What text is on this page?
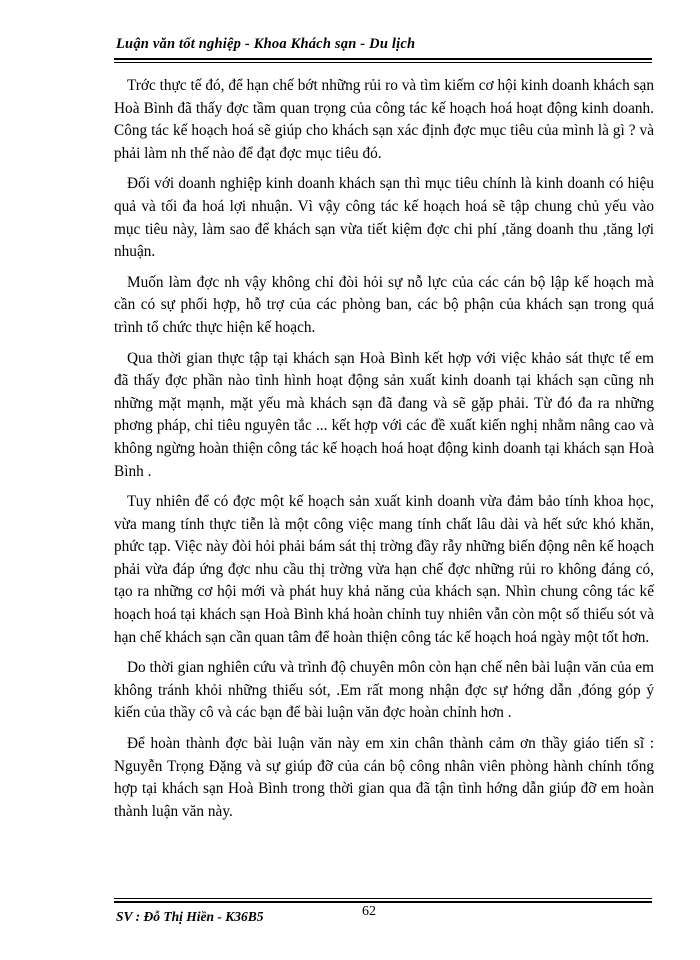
Luận văn tốt nghiệp - Khoa Khách sạn - Du lịch

Trớc thực tế đó, để hạn chế bớt những rủi ro và tìm kiếm cơ hội kinh doanh khách sạn Hoà Bình đã thấy đợc tầm quan trọng của công tác kế hoạch hoá hoạt động kinh doanh. Công tác kế hoạch hoá sẽ giúp cho khách sạn xác định đợc mục tiêu của mình là gì ? và phải làm nh thế nào để đạt đợc mục tiêu đó.

Đối với doanh nghiệp kinh doanh khách sạn thì mục tiêu chính là kinh doanh có hiệu quả và tối đa hoá lợi nhuận. Vì vậy công tác kế hoạch hoá sẽ tập chung chủ yếu vào mục tiêu này, làm sao để khách sạn vừa tiết kiệm đợc chi phí ,tăng doanh thu ,tăng lợi nhuận.

Muốn làm đợc nh vậy không chỉ đòi hỏi sự nỗ lực của các cán bộ lập kế hoạch mà cần có sự phối hợp, hỗ trợ của các phòng ban, các bộ phận của khách sạn trong quá trình tổ chức thực hiện kế hoạch.

Qua thời gian thực tập tại khách sạn Hoà Bình kết hợp với việc khảo sát thực tế em đã thấy đợc phần nào tình hình hoạt động sản xuất kinh doanh tại khách sạn cũng nh những mặt mạnh, mặt yếu mà khách sạn đã đang và sẽ gặp phải. Từ đó đa ra những phơng pháp, chỉ tiêu nguyên tắc ... kết hợp với các đề xuất kiến nghị nhằm nâng cao và không ngừng hoàn thiện công tác kế hoạch hoá hoạt động kinh doanh tại khách sạn Hoà Bình .

Tuy nhiên để có đợc một kế hoạch sản xuất kinh doanh vừa đảm bảo tính khoa học, vừa mang tính thực tiễn là một công việc mang tính chất lâu dài và hết sức khó khăn, phức tạp. Việc này đòi hỏi phải bám sát thị trờng đầy rẫy những biến động nên kế hoạch phải vừa đáp ứng đợc nhu cầu thị trờng vừa hạn chế đợc những rủi ro không đáng có, tạo ra những cơ hội mới và phát huy khả năng của khách sạn. Nhìn chung công tác kế hoạch hoá tại khách sạn Hoà Bình khá hoàn chỉnh tuy nhiên vẫn còn một số thiếu sót và hạn chế khách sạn cần quan tâm để hoàn thiện công tác kế hoạch hoá ngày một tốt hơn.

Do thời gian nghiên cứu và trình độ chuyên môn còn hạn chế nên bài luận văn của em không tránh khỏi những thiếu sót, .Em rất mong nhận đợc sự hớng dẫn ,đóng góp ý kiến của thầy cô và các bạn để bài luận văn đợc hoàn chỉnh hơn .

Để hoàn thành đợc bài luận văn này em xin chân thành cảm ơn thầy giáo tiến sĩ : Nguyễn Trọng Đặng và sự giúp đỡ của cán bộ công nhân viên phòng hành chính tổng hợp tại khách sạn Hoà Bình trong thời gian qua đã tận tình hớng dẫn giúp đỡ em hoàn thành luận văn này.

SV : Đỗ Thị Hiền - K36B5	62
